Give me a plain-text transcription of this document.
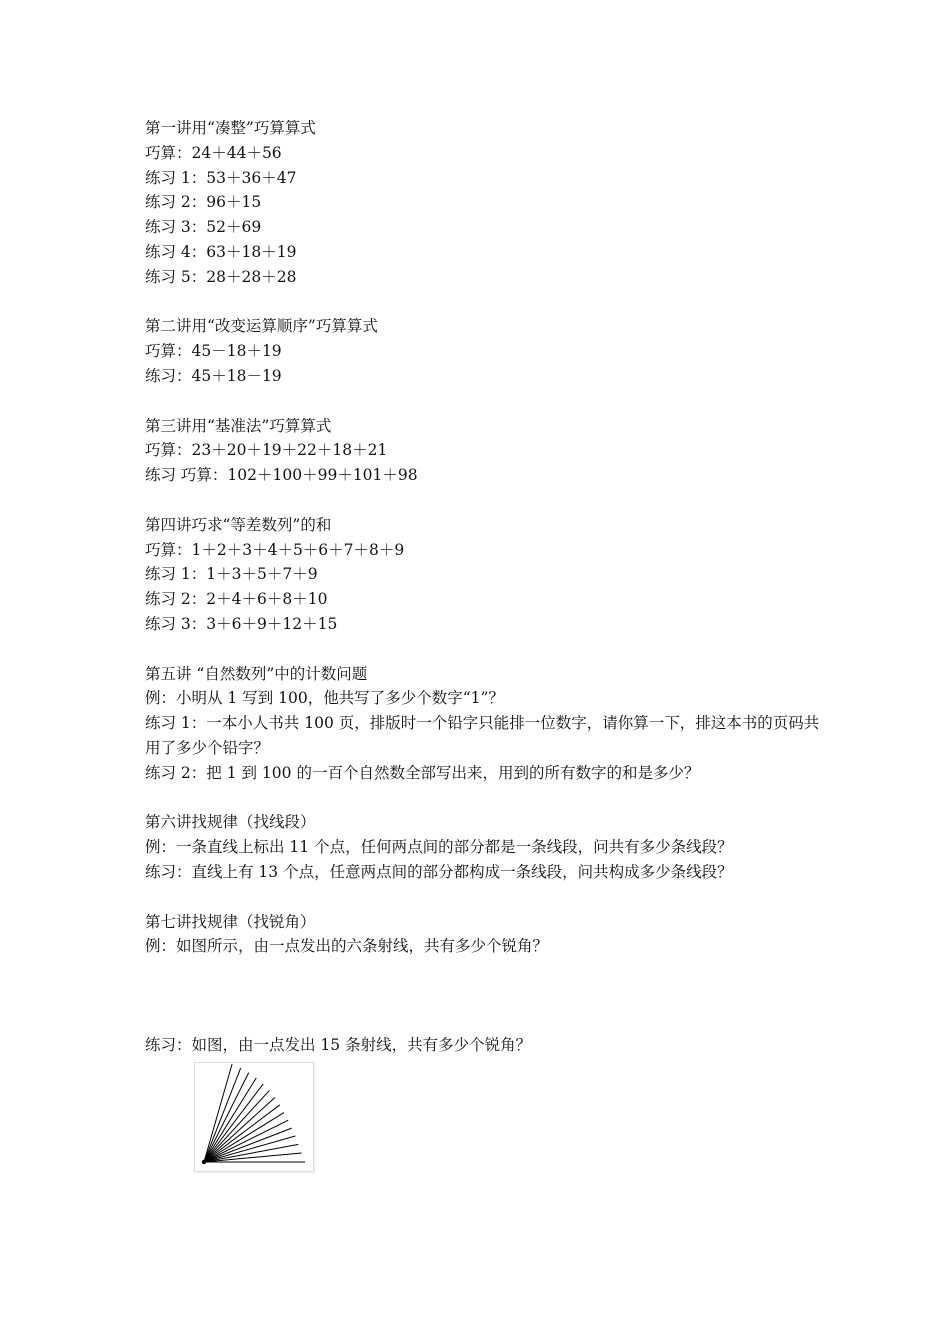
第一讲用“凑整”巧算算式
巧算：24＋44＋56
练习 1：53＋36＋47
练习 2：96＋15
练习 3：52＋69
练习 4：63＋18＋19
练习 5：28＋28＋28
第二讲用“改变运算顺序”巧算算式
巧算：45－18＋19
练习：45＋18－19
第三讲用“基准法”巧算算式
巧算：23＋20＋19＋22＋18＋21
练习 巧算：102＋100＋99＋101＋98
第四讲巧求“等差数列”的和
巧算：1＋2＋3＋4＋5＋6＋7＋8＋9
练习 1：1＋3＋5＋7＋9
练习 2：2＋4＋6＋8＋10
练习 3：3＋6＋9＋12＋15
第五讲 “自然数列”中的计数问题
例：小明从 1 写到 100，他共写了多少个数字“1”？
练习 1：一本小人书共 100 页，排版时一个铅字只能排一位数字，请你算一下，排这本书的页码共用了多少个铅字？
练习 2：把 1 到 100 的一百个自然数全部写出来，用到的所有数字的和是多少？
第六讲找规律（找线段）
例：一条直线上标出 11 个点，任何两点间的部分都是一条线段，问共有多少条线段？
练习：直线上有 13 个点，任意两点间的部分都构成一条线段，问共构成多少条线段？
第七讲找规律（找锐角）
例：如图所示，由一点发出的六条射线，共有多少个锐角？
练习：如图，由一点发出 15 条射线，共有多少个锐角？
